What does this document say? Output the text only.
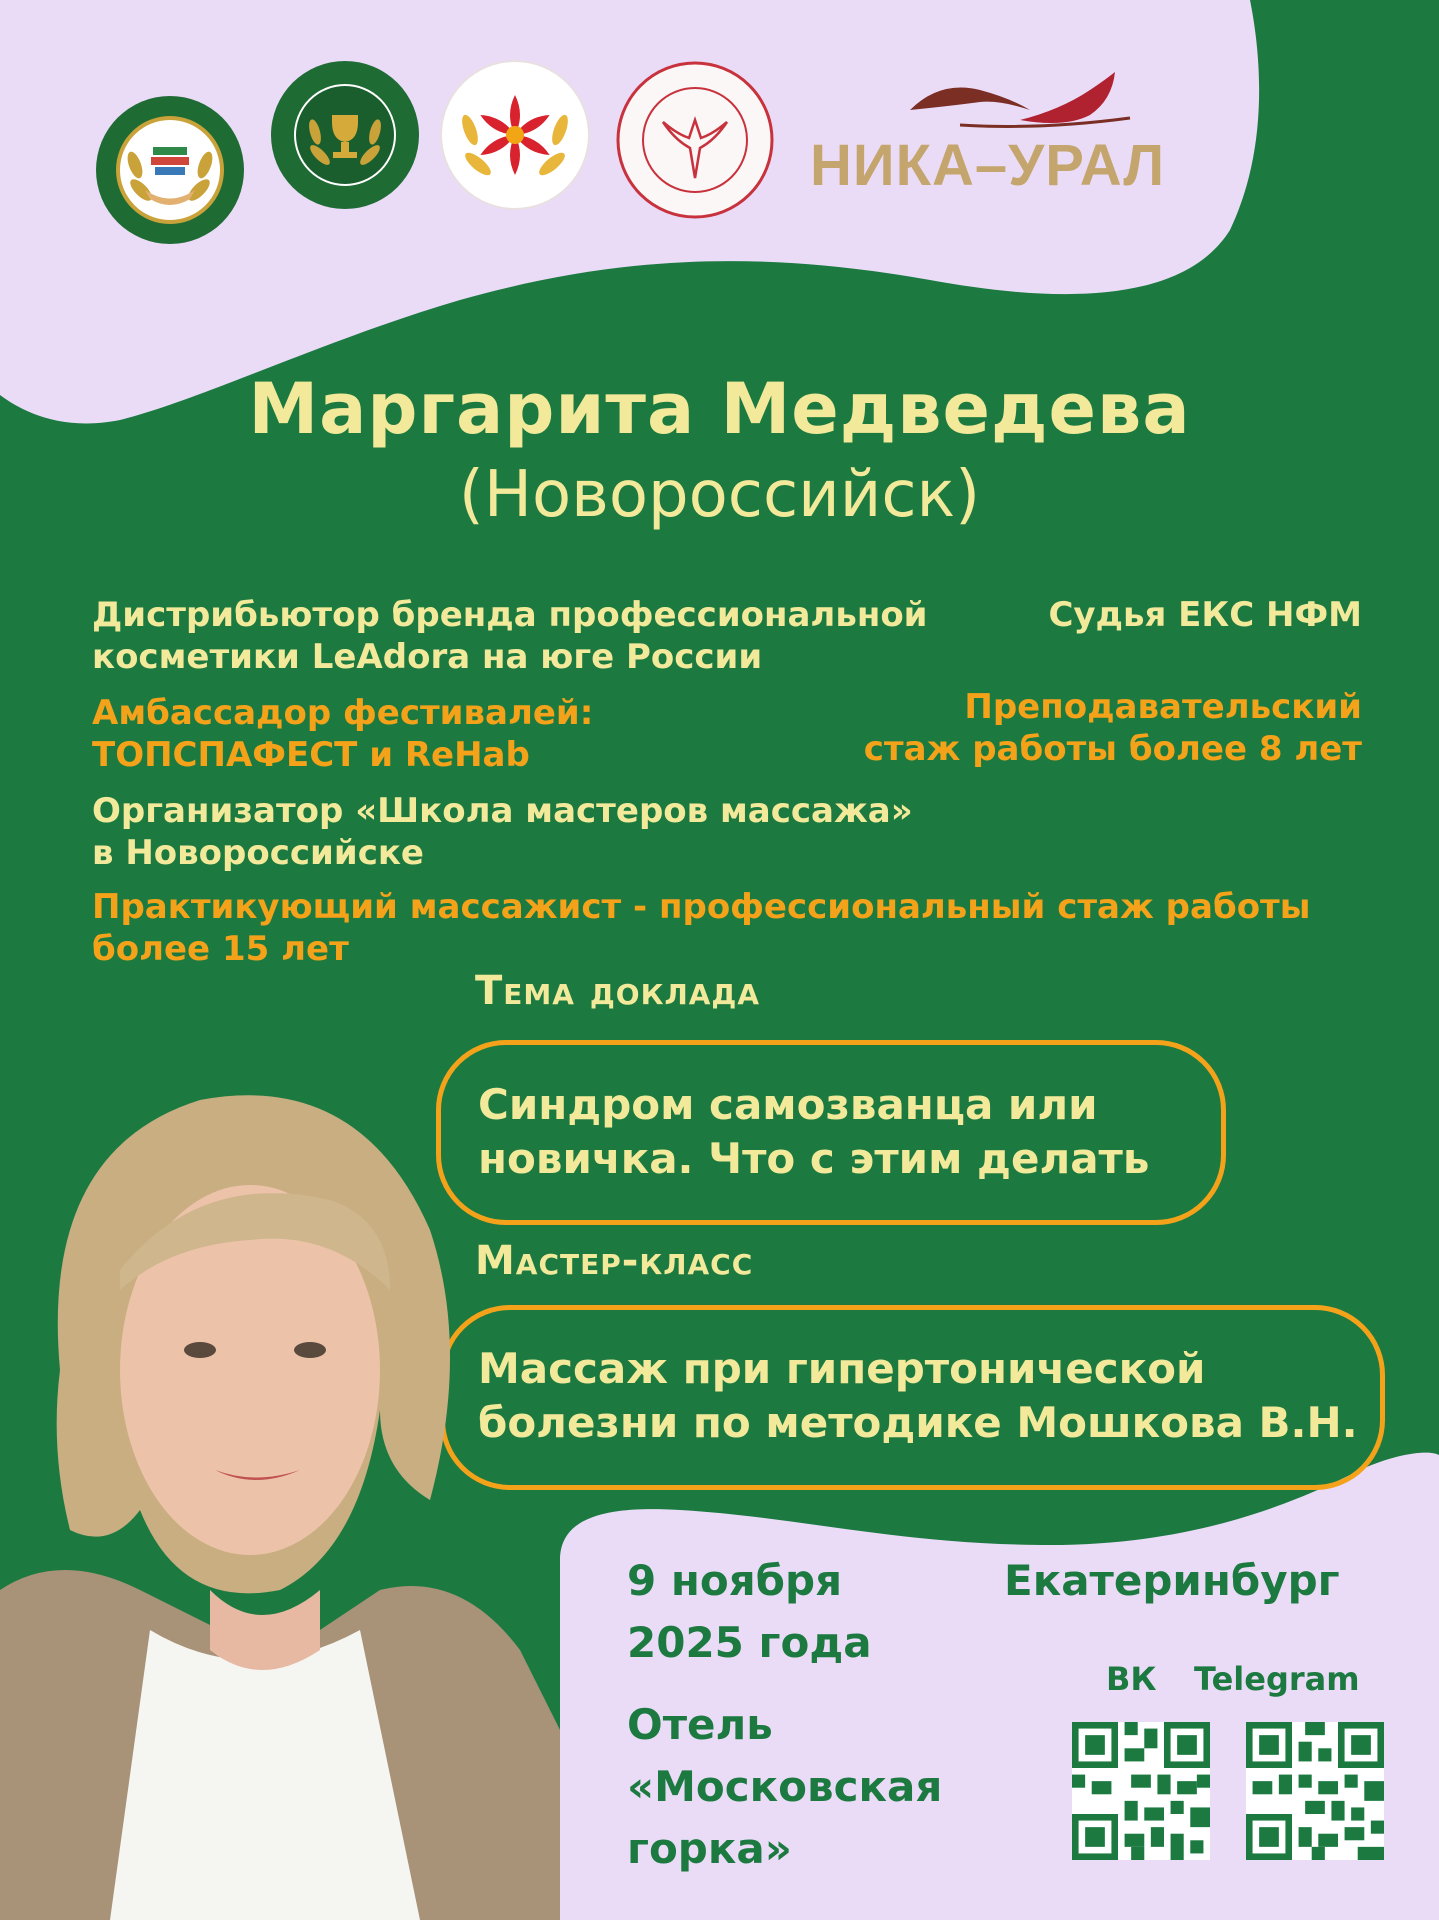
НИКА–УРАЛ
Маргарита Медведева
(Новороссийск)
Дистрибьютор бренда профессиональной
косметики LeAdora на юге России
Судья ЕКС НФМ
Амбассадор фестивалей:
ТОПСПАФЕСТ и ReHab
Преподавательский
стаж работы более 8 лет
Организатор «Школа мастеров массажа»
в Новороссийске
Практикующий массажист - профессиональный стаж работы
более 15 лет
Тема доклада
Синдром самозванца или
новичка. Что с этим делать
Мастер-класс
Массаж при гипертонической
болезни по методике Мошкова В.Н.
9 ноября
2025 года
Екатеринбург
Отель
«Московская
горка»
ВК Telegram
